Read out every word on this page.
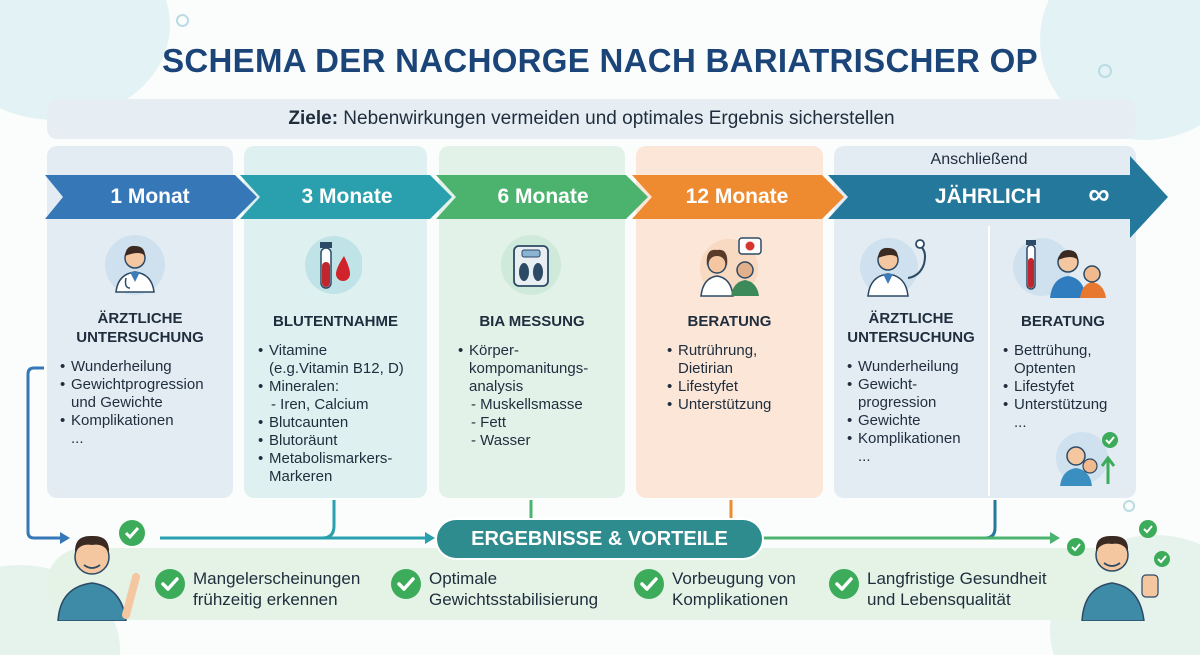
SCHEMA DER NACHORGE NACH BARIATRISCHER OP
Ziele: Nebenwirkungen vermeiden und optimales Ergebnis sicherstellen
Anschließend
1 Monat	3 Monate	6 Monate	12 Monate	JÄHRLICH	∞
ÄRZTLICHE
UNTERSUCHUNG
BLUTENTNAHME	BIA MESSUNG	BERATUNG	ÄRZTLICHE
UNTERSUCHUNG
BERATUNG
• Wunderheilung
• Gewichtprogression
und Gewichte
• Komplikationen
...
• Vitamine
(e.g.Vitamin B12, D)
• Mineralen:
- Iren, Calcium
• Blutcaunten
• Blutoräunt
• Metabolismarkers-
Markeren
• Körper-
kompomanitungs-
analysis
- Muskellsmasse
- Fett
- Wasser
• Rutrührung,
Dietirian
• Lifestyfet
• Unterstützung
• Wunderheilung
• Gewicht-
progression
• Gewichte
• Komplikationen
...
• Bettrühung,
Optenten
• Lifestyfet
• Unterstützung
...
ERGEBNISSE & VORTEILE
Mangelerscheinungen
frühzeitig erkennen
Optimale
Gewichtsstabilisierung
Vorbeugung von
Komplikationen
Langfristige Gesundheit
und Lebensqualität
